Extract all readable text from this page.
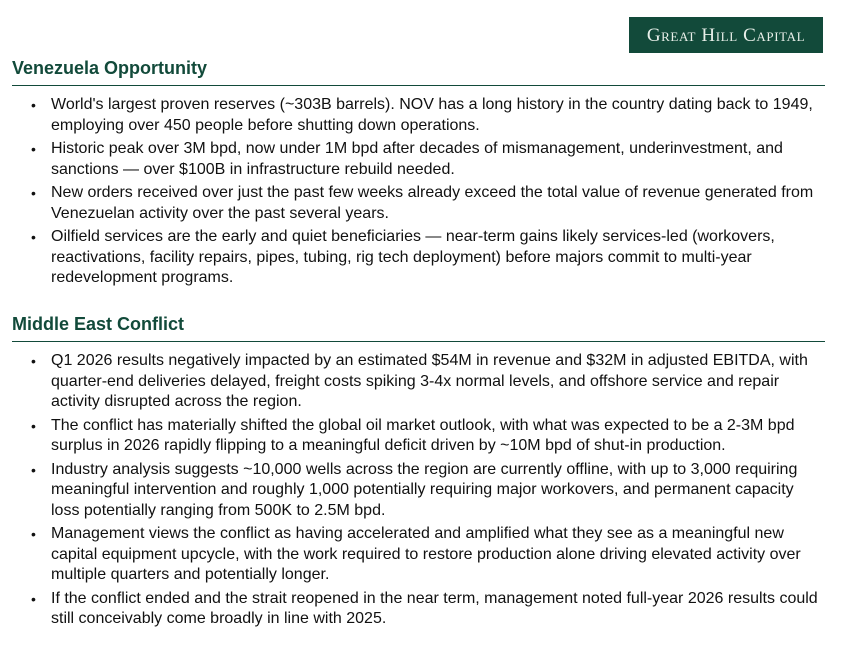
Great Hill Capital
Venezuela Opportunity
• World's largest proven reserves (~303B barrels). NOV has a long history in the country dating back to 1949, employing over 450 people before shutting down operations.
• Historic peak over 3M bpd, now under 1M bpd after decades of mismanagement, underinvestment, and sanctions — over $100B in infrastructure rebuild needed.
• New orders received over just the past few weeks already exceed the total value of revenue generated from Venezuelan activity over the past several years.
• Oilfield services are the early and quiet beneficiaries — near-term gains likely services-led (workovers, reactivations, facility repairs, pipes, tubing, rig tech deployment) before majors commit to multi-year redevelopment programs.
Middle East Conflict
• Q1 2026 results negatively impacted by an estimated $54M in revenue and $32M in adjusted EBITDA, with quarter-end deliveries delayed, freight costs spiking 3-4x normal levels, and offshore service and repair activity disrupted across the region.
• The conflict has materially shifted the global oil market outlook, with what was expected to be a 2-3M bpd surplus in 2026 rapidly flipping to a meaningful deficit driven by ~10M bpd of shut-in production.
• Industry analysis suggests ~10,000 wells across the region are currently offline, with up to 3,000 requiring meaningful intervention and roughly 1,000 potentially requiring major workovers, and permanent capacity loss potentially ranging from 500K to 2.5M bpd.
• Management views the conflict as having accelerated and amplified what they see as a meaningful new capital equipment upcycle, with the work required to restore production alone driving elevated activity over multiple quarters and potentially longer.
• If the conflict ended and the strait reopened in the near term, management noted full-year 2026 results could still conceivably come broadly in line with 2025.
